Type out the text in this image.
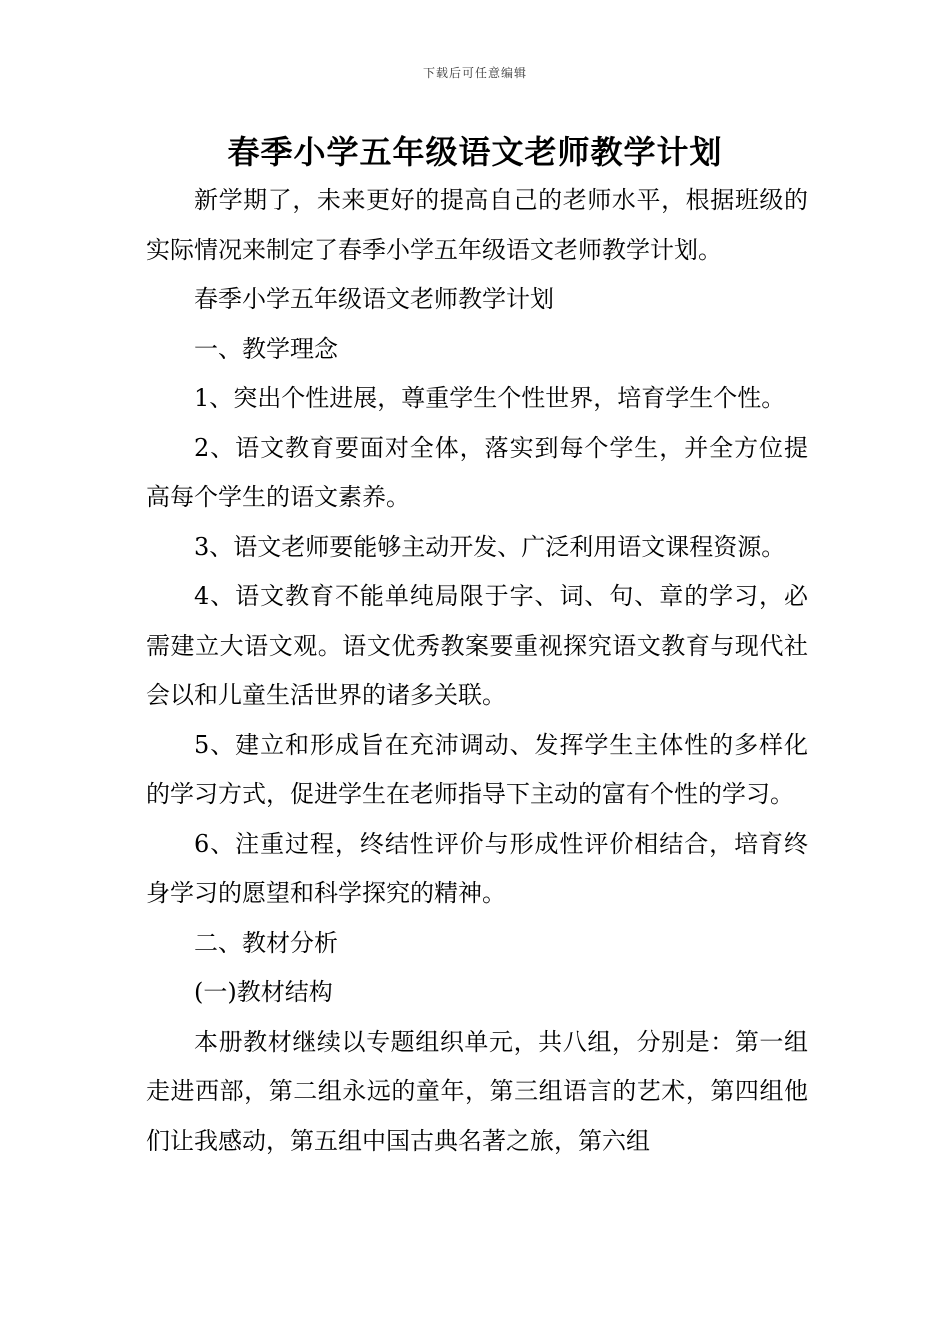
下载后可任意编辑
春季小学五年级语文老师教学计划

新学期了，未来更好的提高自己的老师水平，根据班级的实际情况来制定了春季小学五年级语文老师教学计划。

春季小学五年级语文老师教学计划

一、教学理念

1、突出个性进展，尊重学生个性世界，培育学生个性。

2、语文教育要面对全体，落实到每个学生，并全方位提高每个学生的语文素养。

3、语文老师要能够主动开发、广泛利用语文课程资源。

4、语文教育不能单纯局限于字、词、句、章的学习，必需建立大语文观。语文优秀教案要重视探究语文教育与现代社会以和儿童生活世界的诸多关联。

5、建立和形成旨在充沛调动、发挥学生主体性的多样化的学习方式，促进学生在老师指导下主动的富有个性的学习。

6、注重过程，终结性评价与形成性评价相结合，培育终身学习的愿望和科学探究的精神。

二、教材分析

(一)教材结构

本册教材继续以专题组织单元，共八组，分别是：第一组走进西部，第二组永远的童年，第三组语言的艺术，第四组他们让我感动，第五组中国古典名著之旅，第六组
